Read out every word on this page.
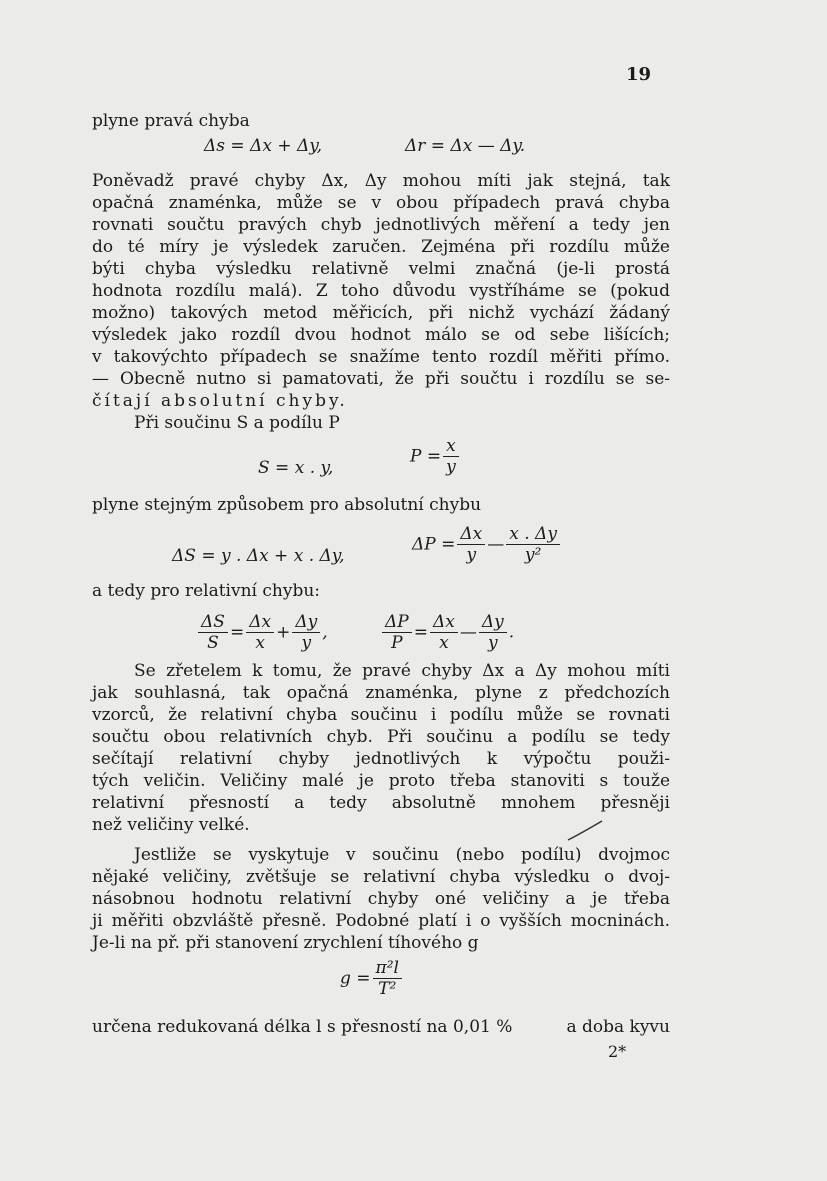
19
plyne pravá chyba
Δs = Δx + Δy,	Δr = Δx — Δy.
Poněvadž pravé chyby Δx, Δy mohou míti jak stejná, tak
opačná znaménka, může se v obou případech pravá chyba
rovnati součtu pravých chyb jednotlivých měření a tedy jen
do té míry je výsledek zaručen. Zejména při rozdílu může
býti chyba výsledku relativně velmi značná (je-li prostá
hodnota rozdílu malá). Z toho důvodu vystříháme se (pokud
možno) takových metod měřicích, při nichž vychází žádaný
výsledek jako rozdíl dvou hodnot málo se od sebe lišících;
v takovýchto případech se snažíme tento rozdíl měřiti přímo.
— Obecně nutno si pamatovati, že při součtu i rozdílu se se-
čítají absolutní chyby.
Při součinu S a podílu P
S = x . y,
$P = \frac{x}{y}$
plyne stejným způsobem pro absolutní chybu
ΔS = y . Δx + x . Δy,
$\Delta P = \frac{\Delta x}{y}$ — $\frac{x . \Delta y}{\text{y²}}$
a tedy pro relativní chybu:
$\frac{\Delta S}{S} = \frac{\Delta x}{x} + \frac{\Delta y}{y}$ ,	$\frac{\Delta P}{P} = \frac{\Delta x}{x}$ — $\frac{\Delta y}{y}$ .
Se zřetelem k tomu, že pravé chyby Δx a Δy mohou míti
jak souhlasná, tak opačná znaménka, plyne z předchozích
vzorců, že relativní chyba součinu i podílu může se rovnati
součtu obou relativních chyb. Při součinu a podílu se tedy
sečítají relativní chyby jednotlivých k výpočtu použi-
tých veličin. Veličiny malé je proto třeba stanoviti s touže
relativní přesností a tedy absolutně mnohem přesněji
než veličiny velké.
Jestliže se vyskytuje v součinu (nebo podílu) dvojmoc
nějaké veličiny, zvětšuje se relativní chyba výsledku o dvoj-
násobnou hodnotu relativní chyby oné veličiny a je třeba
ji měřiti obzvláště přesně. Podobné platí i o vyšších mocninách.
Je-li na př. při stanovení zrychlení tíhového g
$g = \frac{\text{π²l}}{\text{T²}}$
určena redukovaná délka l s přesností na 0,01 %	a doba kyvu
2*
